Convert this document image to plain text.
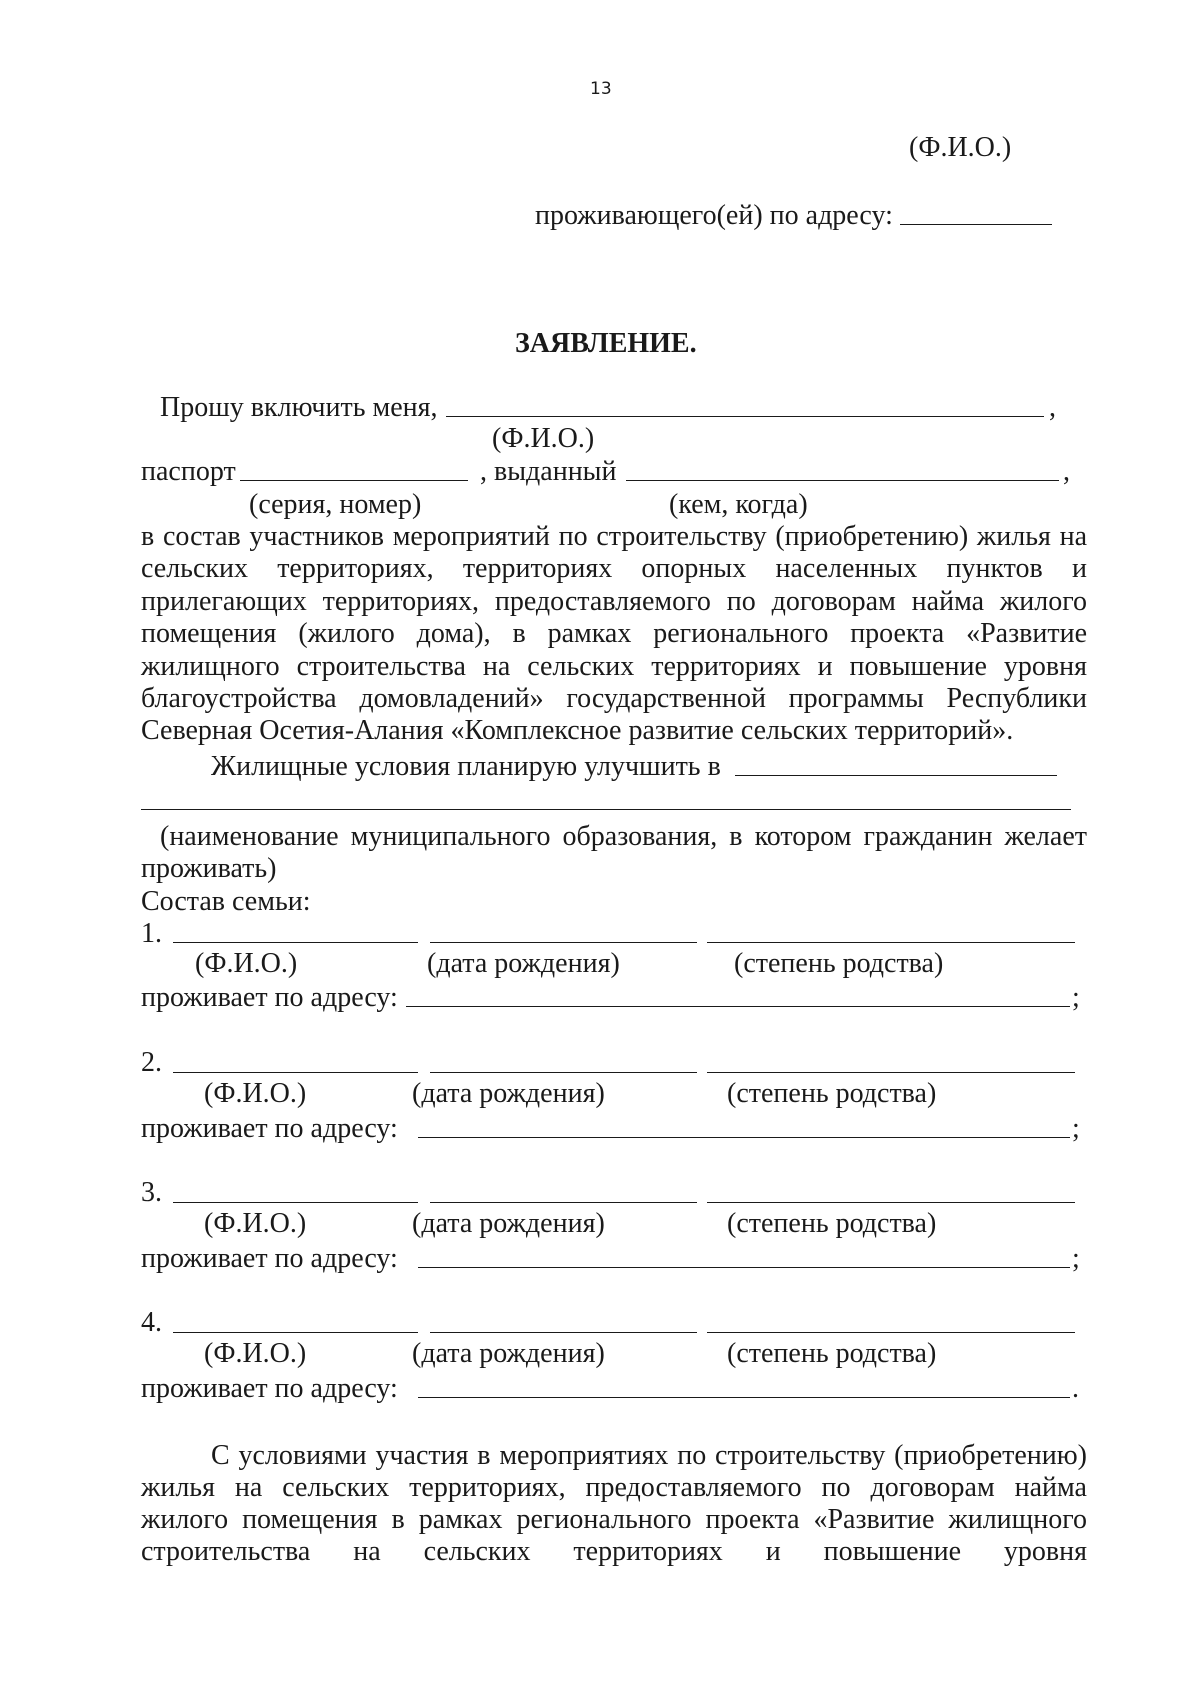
13
(Ф.И.О.)
проживающего(ей) по адресу:
ЗАЯВЛЕНИЕ.
Прошу включить меня,	,
(Ф.И.О.)
паспорт	, выданный	,
(серия, номер)	(кем, когда)
в состав участников мероприятий по строительству (приобретению) жилья на
сельских территориях, территориях опорных населенных пунктов и
прилегающих территориях, предоставляемого по договорам найма жилого
помещения (жилого дома), в рамках регионального проекта «Развитие
жилищного строительства на сельских территориях и повышение уровня
благоустройства домовладений» государственной программы Республики
Северная Осетия-Алания «Комплексное развитие сельских территорий».
Жилищные условия планирую улучшить в
(наименование муниципального образования, в котором гражданин желает
проживать)
Состав семьи:
1.
(Ф.И.О.)	(дата рождения)	(степень родства)
проживает по адресу:	;
2.
(Ф.И.О.)	(дата рождения)	(степень родства)
проживает по адресу:	;
3.
(Ф.И.О.)	(дата рождения)	(степень родства)
проживает по адресу:	;
4.
(Ф.И.О.)	(дата рождения)	(степень родства)
проживает по адресу:	.
С условиями участия в мероприятиях по строительству (приобретению)
жилья на сельских территориях, предоставляемого по договорам найма
жилого помещения в рамках регионального проекта «Развитие жилищного
строительства на сельских территориях и повышение уровня
